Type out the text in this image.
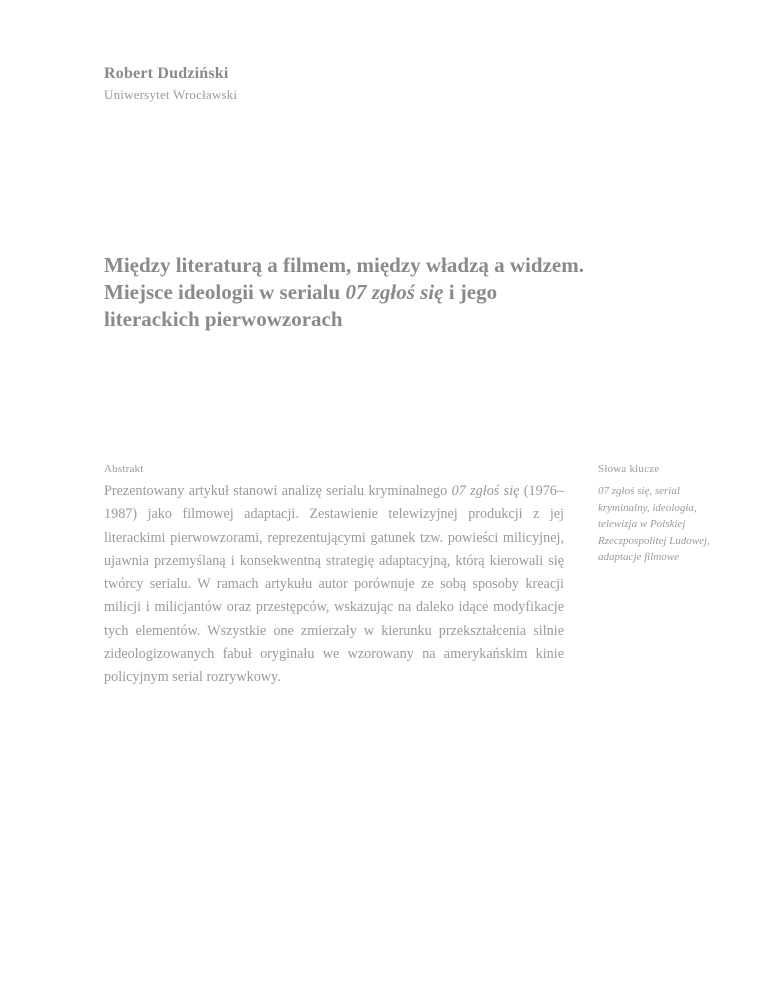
Robert Dudziński
Uniwersytet Wrocławski
Między literaturą a filmem, między władzą a widzem. Miejsce ideologii w serialu 07 zgłoś się i jego literackich pierwowzorach
Abstrakt

Prezentowany artykuł stanowi analizę serialu kryminalnego 07 zgłoś się (1976–1987) jako filmowej adaptacji. Zestawienie telewizyjnej produkcji z jej literackimi pierwowzorami, reprezentującymi gatunek tzw. powieści milicyjnej, ujawnia przemyślaną i konsekwentną strategię adaptacyjną, którą kierowali się twórcy serialu. W ramach artykułu autor porównuje ze sobą sposoby kreacji milicji i milicjantów oraz przestępców, wskazując na daleko idące modyfikacje tych elementów. Wszystkie one zmierzały w kierunku przekształcenia silnie zideologizowanych fabuł oryginału we wzorowany na amerykańskim kinie policyjnym serial rozrywkowy.

Słowa klucze

07 zgłoś się, serial kryminalny, ideologia, telewizja w Polskiej Rzeczpospolitej Ludowej, adaptacje filmowe
